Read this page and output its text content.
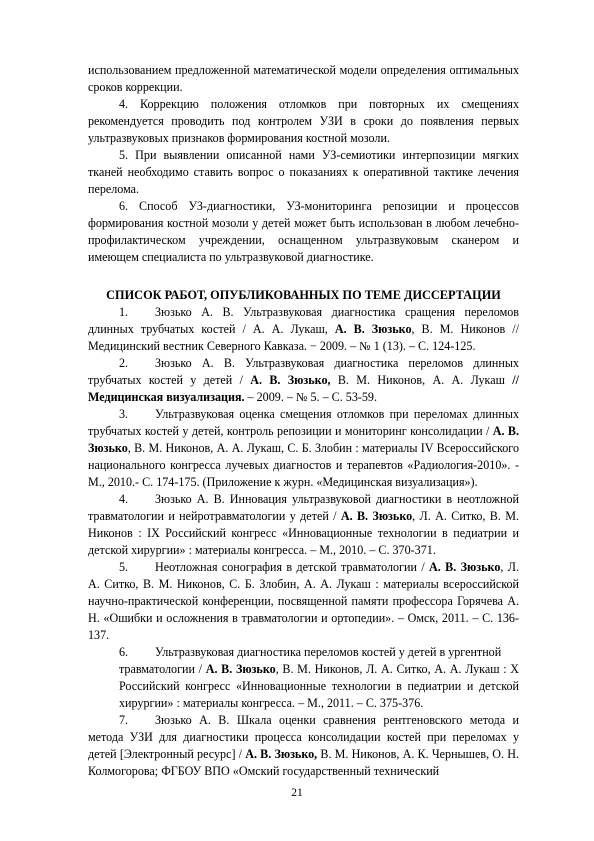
использованием предложенной математической модели определения оптимальных сроков коррекции.

4. Коррекцию положения отломков при повторных их смещениях рекомендуется проводить под контролем УЗИ в сроки до появления первых ультразвуковых признаков формирования костной мозоли.

5. При выявлении описанной нами УЗ-семиотики интерпозиции мягких тканей необходимо ставить вопрос о показаниях к оперативной тактике лечения перелома.

6. Способ УЗ-диагностики, УЗ-мониторинга репозиции и процессов формирования костной мозоли у детей может быть использован в любом лечебно-профилактическом учреждении, оснащенном ультразвуковым сканером и имеющем специалиста по ультразвуковой диагностике.

СПИСОК РАБОТ, ОПУБЛИКОВАННЫХ ПО ТЕМЕ ДИССЕРТАЦИИ

1. Зюзько А. В. Ультразвуковая диагностика сращения переломов длинных трубчатых костей / А. А. Лукаш, А. В. Зюзько, В. М. Никонов // Медицинский вестник Северного Кавказа. − 2009. – № 1 (13). – С. 124-125.

2. Зюзько А. В. Ультразвуковая диагностика переломов длинных трубчатых костей у детей / А. В. Зюзько, В. М. Никонов, А. А. Лукаш // Медицинская визуализация. – 2009. – № 5. – С. 53-59.

3. Ультразвуковая оценка смещения отломков при переломах длинных трубчатых костей у детей, контроль репозиции и мониторинг консолидации / А. В. Зюзько, В. М. Никонов, А. А. Лукаш, С. Б. Злобин : материалы IV Всероссийского национального конгресса лучевых диагностов и терапевтов «Радиология-2010». - М., 2010.- С. 174-175. (Приложение к журн. «Медицинская визуализация»).

4. Зюзько А. В. Инновация ультразвуковой диагностики в неотложной травматологии и нейротравматологии у детей / А. В. Зюзько, Л. А. Ситко, В. М. Никонов : IX Российский конгресс «Инновационные технологии в педиатрии и детской хирургии» : материалы конгресса. – М., 2010. – С. 370-371.

5. Неотложная сонография в детской травматологии / А. В. Зюзько, Л. А. Ситко, В. М. Никонов, С. Б. Злобин, А. А. Лукаш : материалы всероссийской научно-практической конференции, посвященной памяти профессора Горячева А. Н. «Ошибки и осложнения в травматологии и ортопедии». – Омск, 2011. – С. 136-137.

6. Ультразвуковая диагностика переломов костей у детей в ургентной

травматологии / А. В. Зюзько, В. М. Никонов, Л. А. Ситко, А. А. Лукаш : X Российский конгресс «Инновационные технологии в педиатрии и детской хирургии» : материалы конгресса. – М., 2011. – С. 375-376.

7. Зюзько А. В. Шкала оценки сравнения рентгеновского метода и метода УЗИ для диагностики процесса консолидации костей при переломах у детей [Электронный ресурс] / А. В. Зюзько, В. М. Никонов, А. К. Чернышев, О. Н. Колмогорова; ФГБОУ ВПО «Омский государственный технический

21
